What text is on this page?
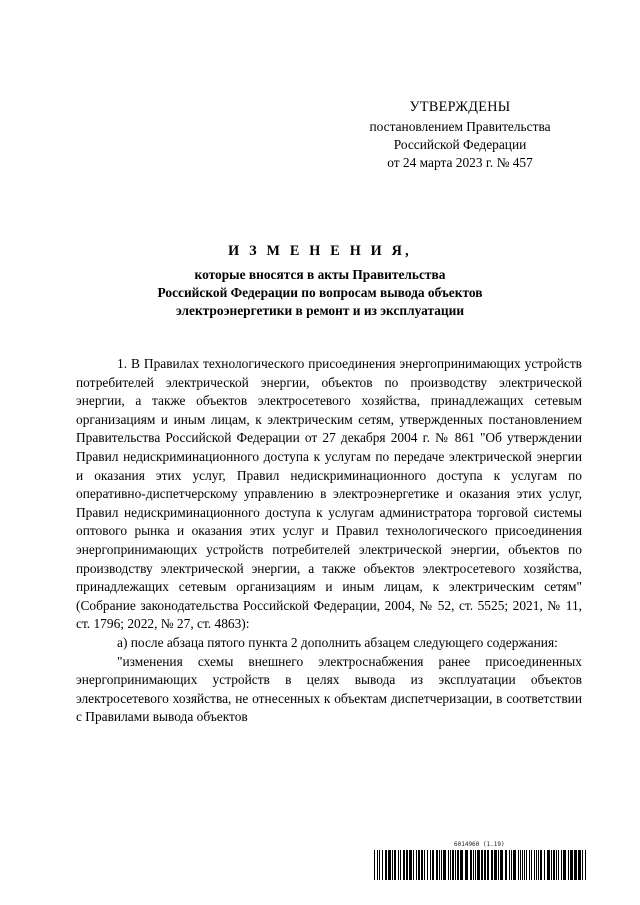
УТВЕРЖДЕНЫ
постановлением Правительства
Российской Федерации
от 24 марта 2023 г. № 457
И З М Е Н Е Н И Я,
которые вносятся в акты Правительства
Российской Федерации по вопросам вывода объектов
электроэнергетики в ремонт и из эксплуатации

1. В Правилах технологического присоединения энергопринимающих устройств потребителей электрической энергии, объектов по производству электрической энергии, а также объектов электросетевого хозяйства, принадлежащих сетевым организациям и иным лицам, к электрическим сетям, утвержденных постановлением Правительства Российской Федерации от 27 декабря 2004 г. № 861 "Об утверждении Правил недискриминационного доступа к услугам по передаче электрической энергии и оказания этих услуг, Правил недискриминационного доступа к услугам по оперативно-диспетчерскому управлению в электроэнергетике и оказания этих услуг, Правил недискриминационного доступа к услугам администратора торговой системы оптового рынка и оказания этих услуг и Правил технологического присоединения энергопринимающих устройств потребителей электрической энергии, объектов по производству электрической энергии, а также объектов электросетевого хозяйства, принадлежащих сетевым организациям и иным лицам, к электрическим сетям" (Собрание законодательства Российской Федерации, 2004, № 52, ст. 5525; 2021, № 11, ст. 1796; 2022, № 27, ст. 4863):

а) после абзаца пятого пункта 2 дополнить абзацем следующего содержания:

"изменения схемы внешнего электроснабжения ранее присоединенных энергопринимающих устройств в целях вывода из эксплуатации объектов электросетевого хозяйства, не отнесенных к объектам диспетчеризации, в соответствии с Правилами вывода объектов

6014960 (1.19)
